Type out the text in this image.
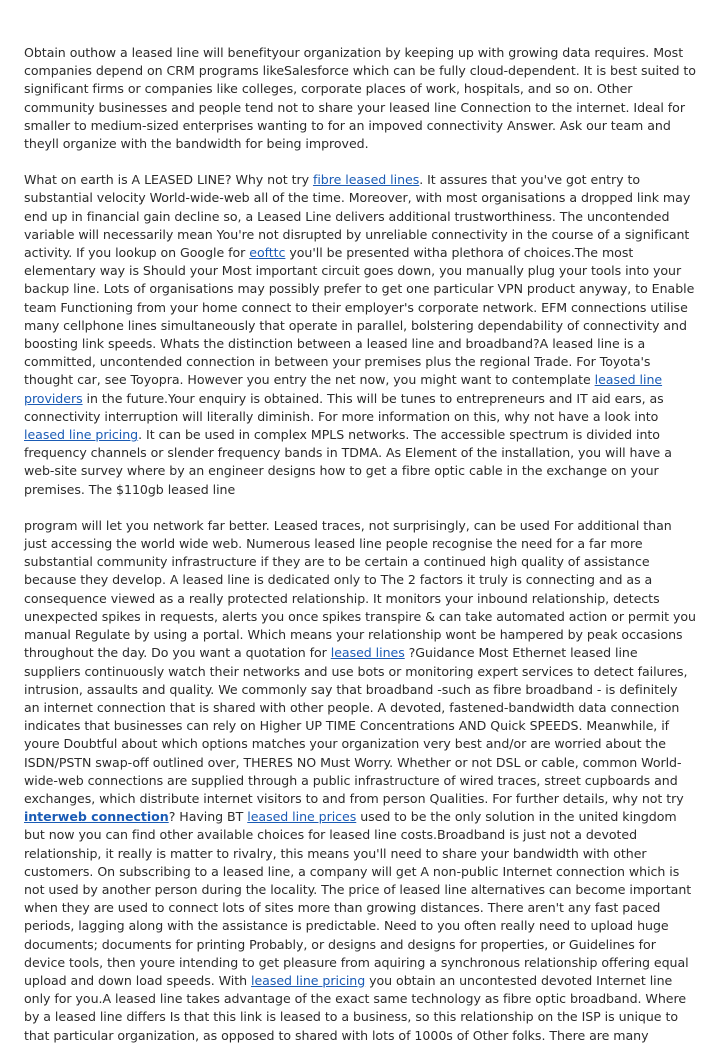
Obtain outhow a leased line will benefityour organization by keeping up with growing data requires. Most companies depend on CRM programs likeSalesforce which can be fully cloud-dependent. It is best suited to significant firms or companies like colleges, corporate places of work, hospitals, and so on. Other community businesses and people tend not to share your leased line Connection to the internet. Ideal for smaller to medium-sized enterprises wanting to for an impoved connectivity Answer. Ask our team and theyll organize with the bandwidth for being improved.

What on earth is A LEASED LINE? Why not try fibre leased lines. It assures that you've got entry to substantial velocity World-wide-web all of the time. Moreover, with most organisations a dropped link may end up in financial gain decline so, a Leased Line delivers additional trustworthiness. The uncontended variable will necessarily mean You're not disrupted by unreliable connectivity in the course of a significant activity. If you lookup on Google for eofttc you'll be presented witha plethora of choices.The most elementary way is Should your Most important circuit goes down, you manually plug your tools into your backup line. Lots of organisations may possibly prefer to get one particular VPN product anyway, to Enable team Functioning from your home connect to their employer's corporate network. EFM connections utilise many cellphone lines simultaneously that operate in parallel, bolstering dependability of connectivity and boosting link speeds. Whats the distinction between a leased line and broadband?A leased line is a committed, uncontended connection in between your premises plus the regional Trade. For Toyota's thought car, see Toyopra. However you entry the net now, you might want to contemplate leased line providers in the future.Your enquiry is obtained. This will be tunes to entrepreneurs and IT aid ears, as connectivity interruption will literally diminish. For more information on this, why not have a look into leased line pricing. It can be used in complex MPLS networks. The accessible spectrum is divided into frequency channels or slender frequency bands in TDMA. As Element of the installation, you will have a web-site survey where by an engineer designs how to get a fibre optic cable in the exchange on your premises. The $110gb leased line

program will let you network far better. Leased traces, not surprisingly, can be used For additional than just accessing the world wide web. Numerous leased line people recognise the need for a far more substantial community infrastructure if they are to be certain a continued high quality of assistance because they develop. A leased line is dedicated only to The 2 factors it truly is connecting and as a consequence viewed as a really protected relationship. It monitors your inbound relationship, detects unexpected spikes in requests, alerts you once spikes transpire & can take automated action or permit you manual Regulate by using a portal. Which means your relationship wont be hampered by peak occasions throughout the day. Do you want a quotation for leased lines ?Guidance Most Ethernet leased line suppliers continuously watch their networks and use bots or monitoring expert services to detect failures, intrusion, assaults and quality. We commonly say that broadband -such as fibre broadband - is definitely an internet connection that is shared with other people. A devoted, fastened-bandwidth data connection indicates that businesses can rely on Higher UP TIME Concentrations AND Quick SPEEDS. Meanwhile, if youre Doubtful about which options matches your organization very best and/or are worried about the ISDN/PSTN swap-off outlined over, THERES NO Must Worry. Whether or not DSL or cable, common World-wide-web connections are supplied through a public infrastructure of wired traces, street cupboards and exchanges, which distribute internet visitors to and from person Qualities. For further details, why not try interweb connection? Having BT leased line prices used to be the only solution in the united kingdom but now you can find other available choices for leased line costs.Broadband is just not a devoted relationship, it really is matter to rivalry, this means you'll need to share your bandwidth with other customers. On subscribing to a leased line, a company will get A non-public Internet connection which is not used by another person during the locality. The price of leased line alternatives can become important when they are used to connect lots of sites more than growing distances. There aren't any fast paced periods, lagging along with the assistance is predictable. Need to you often really need to upload huge documents; documents for printing Probably, or designs and designs for properties, or Guidelines for device tools, then youre intending to get pleasure from aquiring a synchronous relationship offering equal upload and down load speeds. With leased line pricing you obtain an uncontested devoted Internet line only for you.A leased line takes advantage of the exact same technology as fibre optic broadband. Where by a leased line differs Is that this link is leased to a business, so this relationship on the ISP is unique to that particular organization, as opposed to shared with lots of 1000s of Other folks. There are many
